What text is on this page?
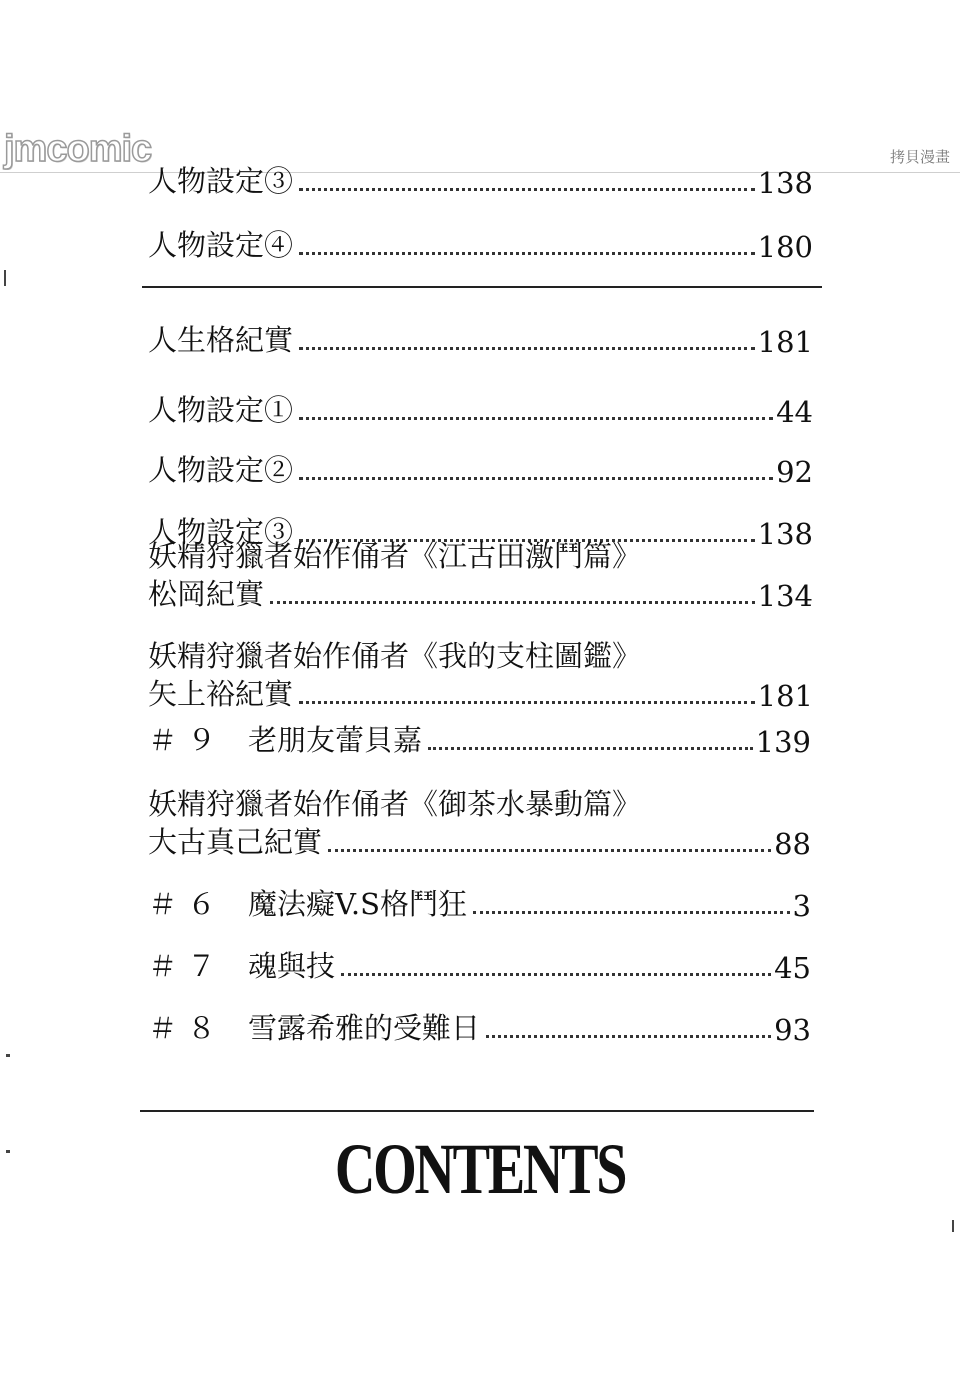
jmcomic	拷貝漫畫
人物設定③	138
人物設定④	180
人生格紀實	181
人物設定①	44
人物設定②	92
人物設定③	138
妖精狩獵者始作俑者《江古田激鬥篇》
松岡紀實	134
妖精狩獵者始作俑者《我的支柱圖鑑》
矢上裕紀實	181
＃９ 老朋友蕾貝嘉	139
妖精狩獵者始作俑者《御茶水暴動篇》
大古真己紀實	88
＃６ 魔法癡V.S格鬥狂	3
＃７ 魂與技	45
＃８ 雪露希雅的受難日	93
CONTENTS
